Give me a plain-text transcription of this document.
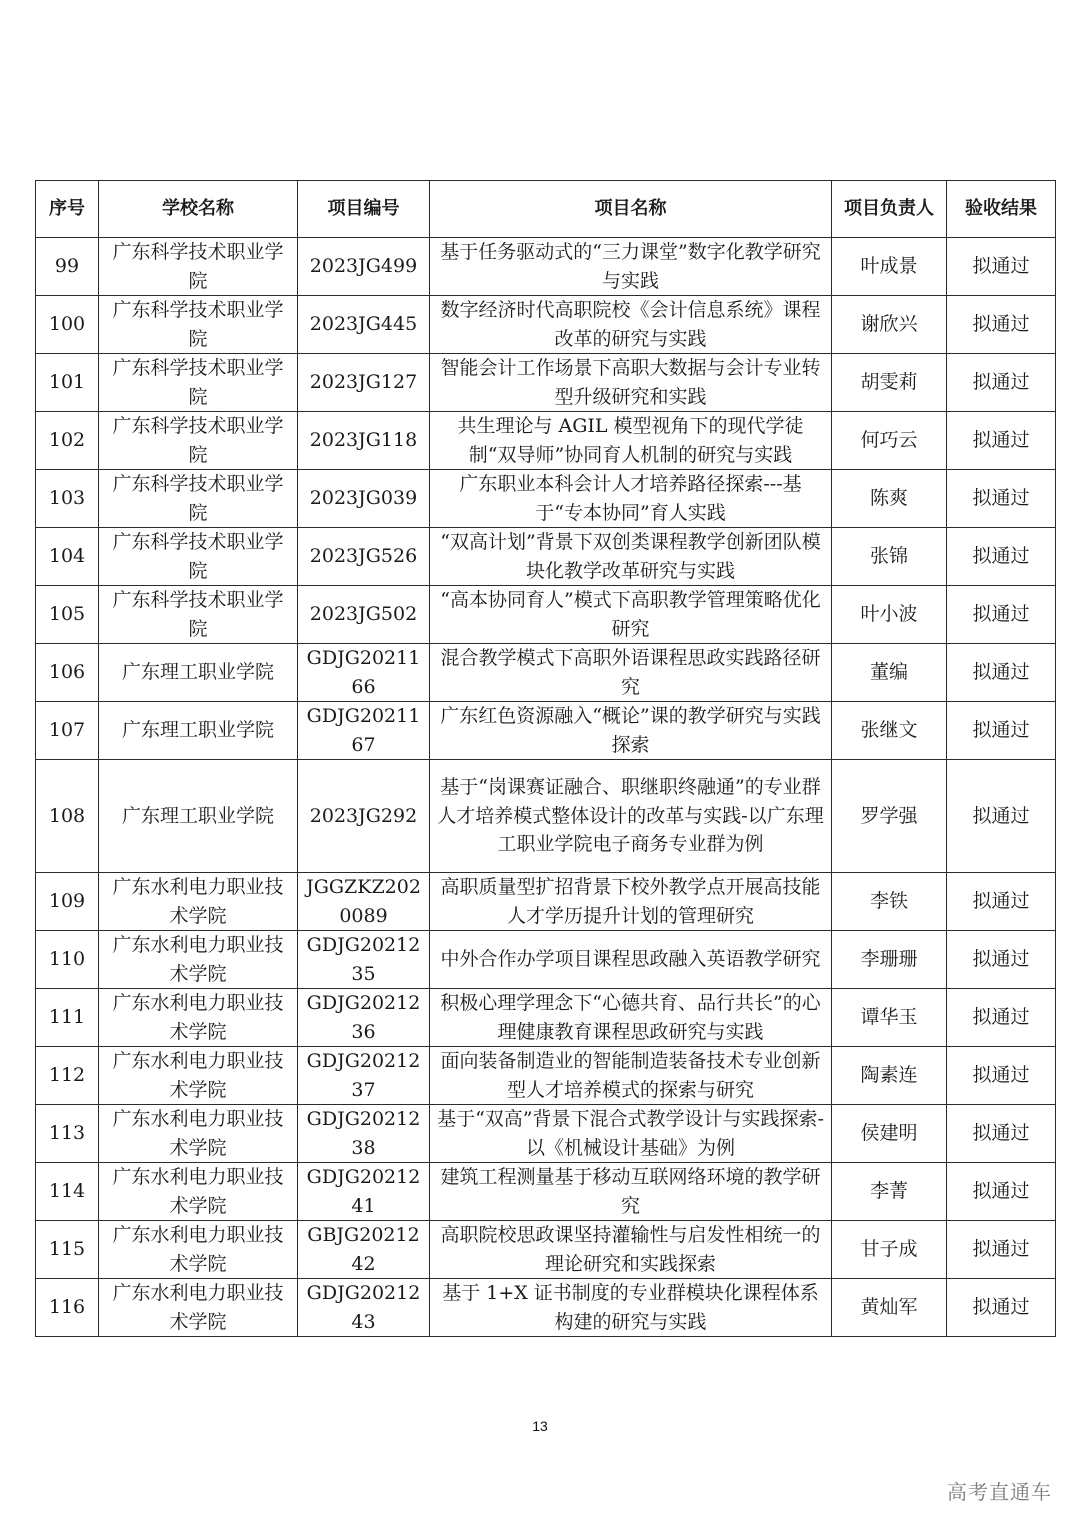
序号	学校名称	项目编号	项目名称	项目负责人	验收结果
99	广东科学技术职业学院	2023JG499	基于任务驱动式的“三力课堂”数字化教学研究与实践	叶成景	拟通过
100	广东科学技术职业学院	2023JG445	数字经济时代高职院校《会计信息系统》课程改革的研究与实践	谢欣兴	拟通过
101	广东科学技术职业学院	2023JG127	智能会计工作场景下高职大数据与会计专业转型升级研究和实践	胡雯莉	拟通过
102	广东科学技术职业学院	2023JG118	共生理论与 AGIL 模型视角下的现代学徒制“双导师”协同育人机制的研究与实践	何巧云	拟通过
103	广东科学技术职业学院	2023JG039	广东职业本科会计人才培养路径探索---基于“专本协同”育人实践	陈爽	拟通过
104	广东科学技术职业学院	2023JG526	“双高计划”背景下双创类课程教学创新团队模块化教学改革研究与实践	张锦	拟通过
105	广东科学技术职业学院	2023JG502	“高本协同育人”模式下高职教学管理策略优化研究	叶小波	拟通过
106	广东理工职业学院	GDJG2021166	混合教学模式下高职外语课程思政实践路径研究	董编	拟通过
107	广东理工职业学院	GDJG2021167	广东红色资源融入“概论”课的教学研究与实践探索	张继文	拟通过
108	广东理工职业学院	2023JG292	基于“岗课赛证融合、职继职终融通”的专业群人才培养模式整体设计的改革与实践-以广东理工职业学院电子商务专业群为例	罗学强	拟通过
109	广东水利电力职业技术学院	JGGZKZ2020089	高职质量型扩招背景下校外教学点开展高技能人才学历提升计划的管理研究	李铁	拟通过
110	广东水利电力职业技术学院	GDJG2021235	中外合作办学项目课程思政融入英语教学研究	李珊珊	拟通过
111	广东水利电力职业技术学院	GDJG2021236	积极心理学理念下“心德共育、品行共长”的心理健康教育课程思政研究与实践	谭华玉	拟通过
112	广东水利电力职业技术学院	GDJG2021237	面向装备制造业的智能制造装备技术专业创新型人才培养模式的探索与研究	陶素连	拟通过
113	广东水利电力职业技术学院	GDJG2021238	基于“双高”背景下混合式教学设计与实践探索-以《机械设计基础》为例	侯建明	拟通过
114	广东水利电力职业技术学院	GDJG2021241	建筑工程测量基于移动互联网络环境的教学研究	李菁	拟通过
115	广东水利电力职业技术学院	GBJG2021242	高职院校思政课坚持灌输性与启发性相统一的理论研究和实践探索	甘子成	拟通过
116	广东水利电力职业技术学院	GDJG2021243	基于 1+X 证书制度的专业群模块化课程体系构建的研究与实践	黄灿军	拟通过
13
高考直通车
